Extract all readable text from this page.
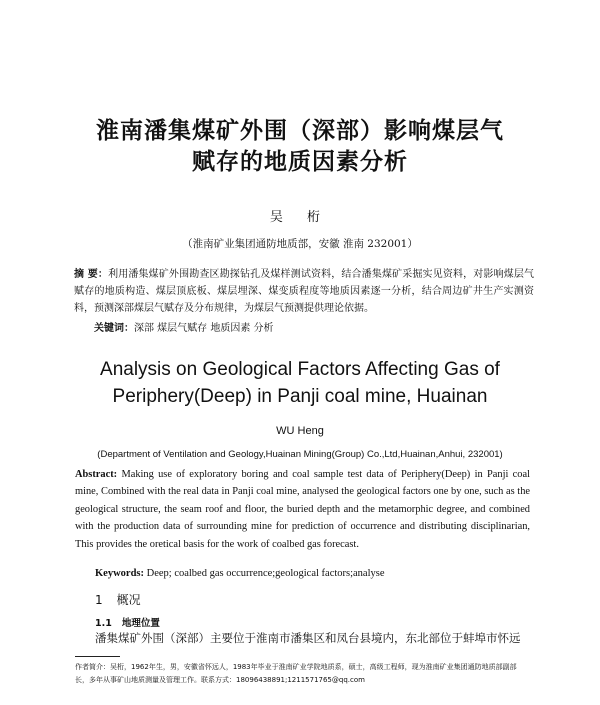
淮南潘集煤矿外围（深部）影响煤层气
赋存的地质因素分析
吴 桁
（淮南矿业集团通防地质部，安徽 淮南 232001）
摘 要：利用潘集煤矿外围勘查区勘探钻孔及煤样测试资料，结合潘集煤矿采掘实见资料，对影响煤层气赋存的地质构造、煤层顶底板、煤层埋深、煤变质程度等地质因素逐一分析，结合周边矿井生产实测资料，预测深部煤层气赋存及分布规律，为煤层气预测提供理论依据。
关键词：深部 煤层气赋存 地质因素 分析
Analysis on Geological Factors Affecting Gas of
Periphery(Deep) in Panji coal mine, Huainan
WU Heng
(Department of Ventilation and Geology,Huainan Mining(Group) Co.,Ltd,Huainan,Anhui, 232001)
Abstract: Making use of exploratory boring and coal sample test data of Periphery(Deep) in Panji coal mine, Combined with the real data in Panji coal mine, analysed the geological factors one by one, such as the geological structure, the seam roof and floor, the buried depth and the metamorphic degree, and combined with the production data of surrounding mine for prediction of occurrence and distributing disciplinarian, This provides the oretical basis for the work of coalbed gas forecast.
Keywords: Deep; coalbed gas occurrence;geological factors;analyse
1 概况
1.1 地理位置
潘集煤矿外围（深部）主要位于淮南市潘集区和凤台县境内，东北部位于蚌埠市怀远
作者简介：吴桁，1962年生，男，安徽省怀远人，1983年毕业于淮南矿业学院地质系，硕士，高级工程师，现为淮南矿业集团通防地质部副部长，多年从事矿山地质测量及管理工作。联系方式：18096438891;1211571765@qq.com
